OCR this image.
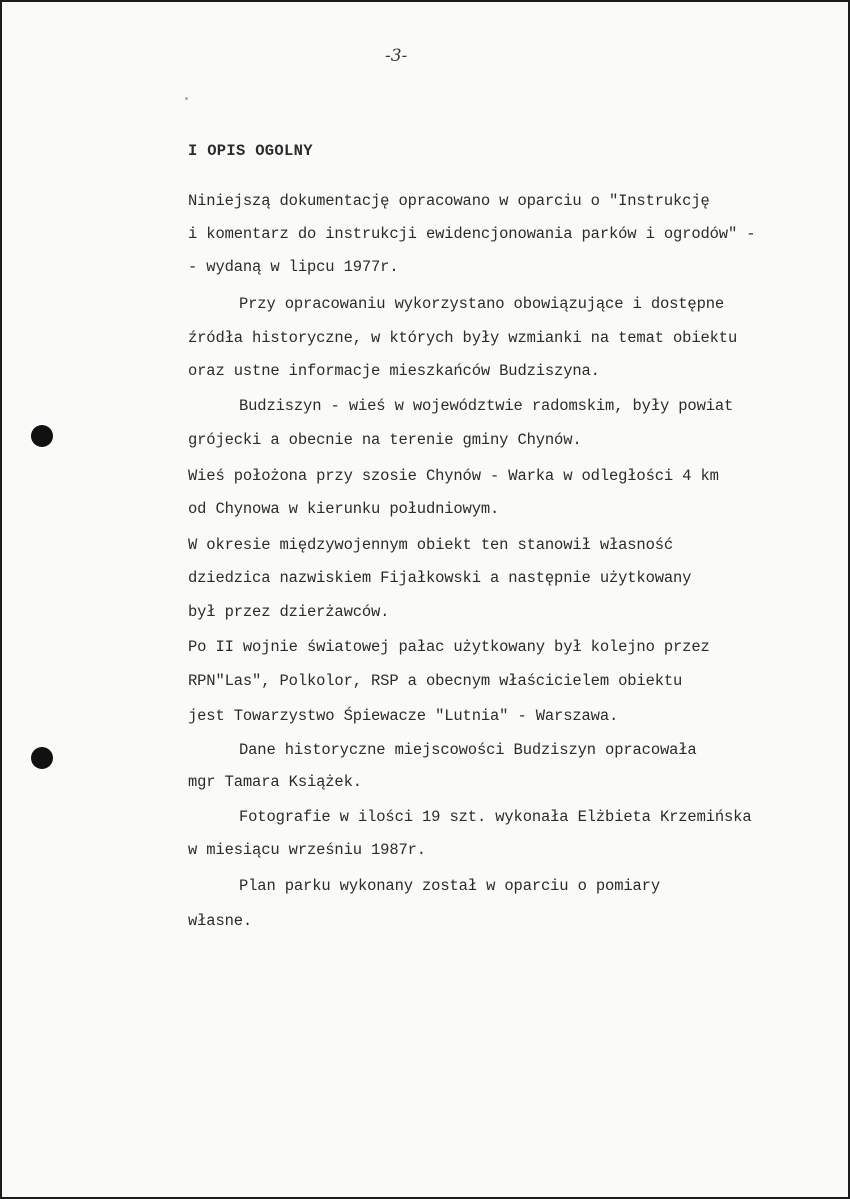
-3-
I OPIS OGOLNY
Niniejszą dokumentację opracowano w oparciu o "Instrukcję
i komentarz do instrukcji ewidencjonowania parków i ogrodów" -
- wydaną w lipcu 1977r.
Przy opracowaniu wykorzystano obowiązujące i dostępne
źródła historyczne, w których były wzmianki na temat obiektu
oraz ustne informacje mieszkańców Budziszyna.
Budziszyn - wieś w województwie radomskim, były powiat
grójecki a obecnie na terenie gminy Chynów.
Wieś położona przy szosie Chynów - Warka w odległości 4 km
od Chynowa w kierunku południowym.
W okresie międzywojennym obiekt ten stanowił własność
dziedzica nazwiskiem Fijałkowski a następnie użytkowany
był przez dzierżawców.
Po II wojnie światowej pałac użytkowany był kolejno przez
RPN"Las", Polkolor, RSP a obecnym właścicielem obiektu
jest Towarzystwo Śpiewacze "Lutnia" - Warszawa.
Dane historyczne miejscowości Budziszyn opracowała
mgr Tamara Książek.
Fotografie w ilości 19 szt. wykonała Elżbieta Krzemińska
w miesiącu wrześniu 1987r.
Plan parku wykonany został w oparciu o pomiary
własne.
